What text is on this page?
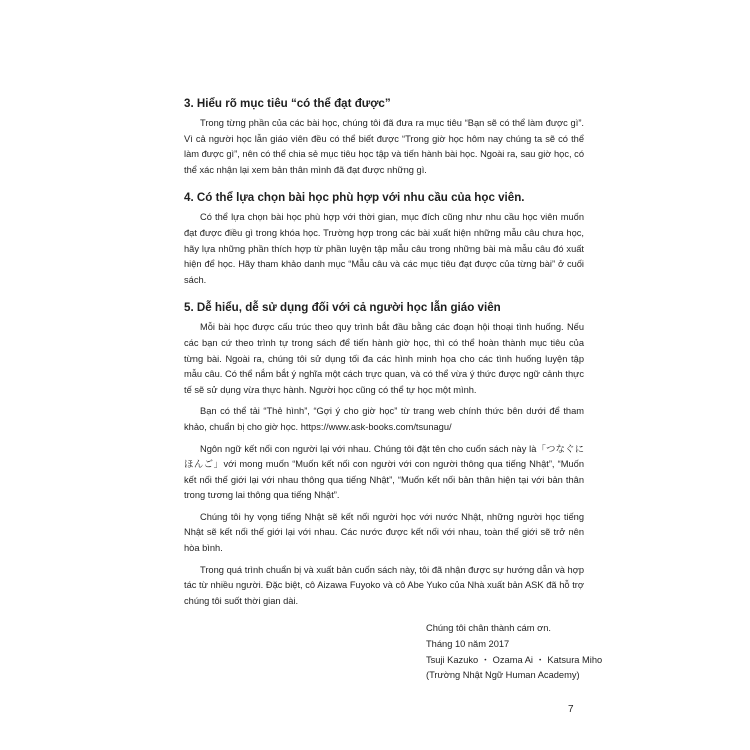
3. Hiểu rõ mục tiêu “có thể đạt được”

Trong từng phần của các bài học, chúng tôi đã đưa ra mục tiêu “Bạn sẽ có thể làm được gì”. Vì cả người học lẫn giáo viên đều có thể biết được “Trong giờ học hôm nay chúng ta sẽ có thể làm được gì”, nên có thể chia sẻ mục tiêu học tập và tiến hành bài học. Ngoài ra, sau giờ học, có thể xác nhận lại xem bản thân mình đã đạt được những gì.

4. Có thể lựa chọn bài học phù hợp với nhu cầu của học viên.

Có thể lựa chọn bài học phù hợp với thời gian, mục đích cũng như nhu cầu học viên muốn đạt được điều gì trong khóa học. Trường hợp trong các bài xuất hiện những mẫu câu chưa học, hãy lựa những phần thích hợp từ phần luyện tập mẫu câu trong những bài mà mẫu câu đó xuất hiện để học. Hãy tham khảo danh mục “Mẫu câu và các mục tiêu đạt được của từng bài” ở cuối sách.

5. Dễ hiểu, dễ sử dụng đối với cả người học lẫn giáo viên

Mỗi bài học được cấu trúc theo quy trình bắt đầu bằng các đoạn hội thoại tình huống. Nếu các bạn cứ theo trình tự trong sách để tiến hành giờ học, thì có thể hoàn thành mục tiêu của từng bài. Ngoài ra, chúng tôi sử dụng tối đa các hình minh họa cho các tình huống luyện tập mẫu câu. Có thể nắm bắt ý nghĩa một cách trực quan, và có thể vừa ý thức được ngữ cảnh thực tế sẽ sử dụng vừa thực hành. Người học cũng có thể tự học một mình.

Bạn có thể tải “Thẻ hình”, “Gợi ý cho giờ học” từ trang web chính thức bên dưới để tham khảo, chuẩn bị cho giờ học. https://www.ask-books.com/tsunagu/

Ngôn ngữ kết nối con người lại với nhau. Chúng tôi đặt tên cho cuốn sách này là「つなぐにほんご」với mong muốn “Muốn kết nối con người với con người thông qua tiếng Nhật”, “Muốn kết nối thế giới lại với nhau thông qua tiếng Nhật”, “Muốn kết nối bản thân hiện tại với bản thân trong tương lai thông qua tiếng Nhật”.

Chúng tôi hy vọng tiếng Nhật sẽ kết nối người học với nước Nhật, những người học tiếng Nhật sẽ kết nối thế giới lại với nhau. Các nước được kết nối với nhau, toàn thế giới sẽ trở nên hòa bình.

Trong quá trình chuẩn bị và xuất bản cuốn sách này, tôi đã nhận được sự hướng dẫn và hợp tác từ nhiều người. Đặc biệt, cô Aizawa Fuyoko và cô Abe Yuko của Nhà xuất bản ASK đã hỗ trợ chúng tôi suốt thời gian dài.

Chúng tôi chân thành cám ơn.
Tháng 10 năm 2017
Tsuji Kazuko ・ Ozama Ai ・ Katsura Miho
(Trường Nhật Ngữ Human Academy)
7
